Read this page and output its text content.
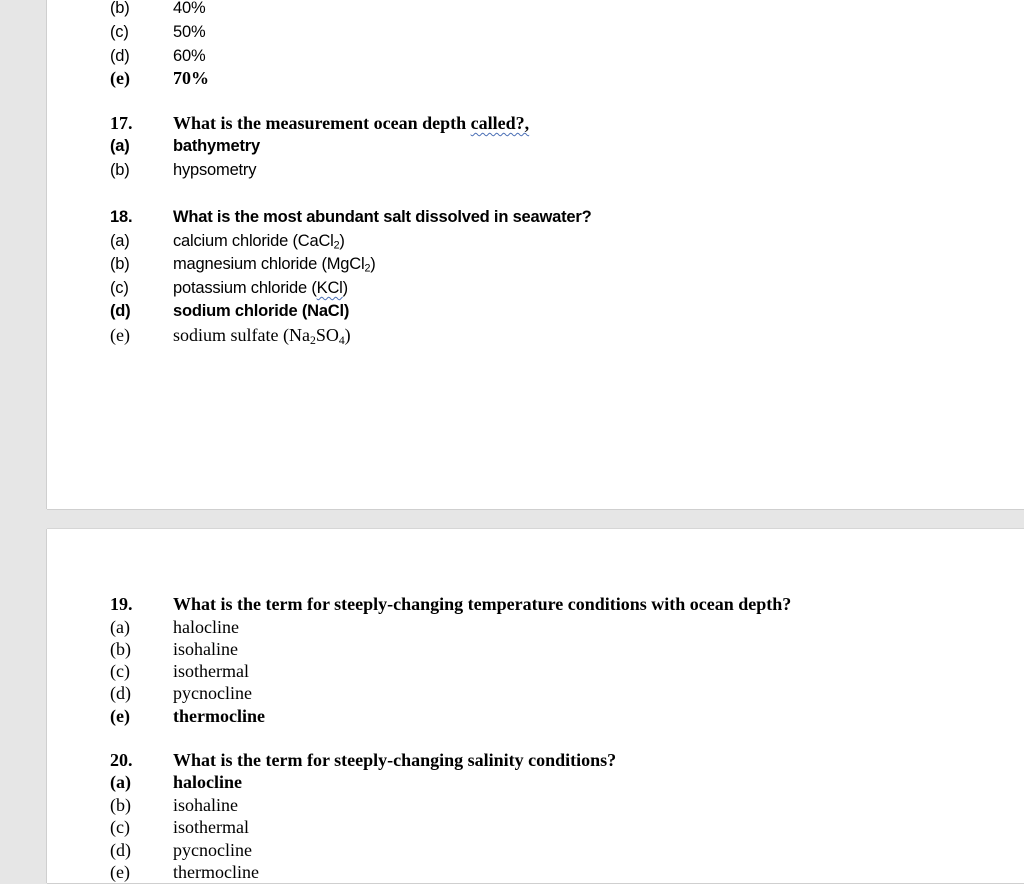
(b)	40%
(c)	50%
(d)	60%
(e) 70%
17. What is the measurement ocean depth called?,
(a)	bathymetry
(b)	hypsometry
18. What is the most abundant salt dissolved in seawater?
(a)	calcium chloride (CaCl$_2$)
(b)	magnesium chloride (MgCl$_2$)
(c)	potassium chloride (KCl)
(d)	sodium chloride (NaCl)
(e) sodium sulfate $(Na_2SO_4)$
19. What is the term for steeply-changing temperature conditions with ocean depth?
(a) halocline
(b) isohaline
(c) isothermal
(d) pycnocline
(e) thermocline
20. What is the term for steeply-changing salinity conditions?
(a) halocline
(b) isohaline
(c) isothermal
(d) pycnocline
(e) thermocline
